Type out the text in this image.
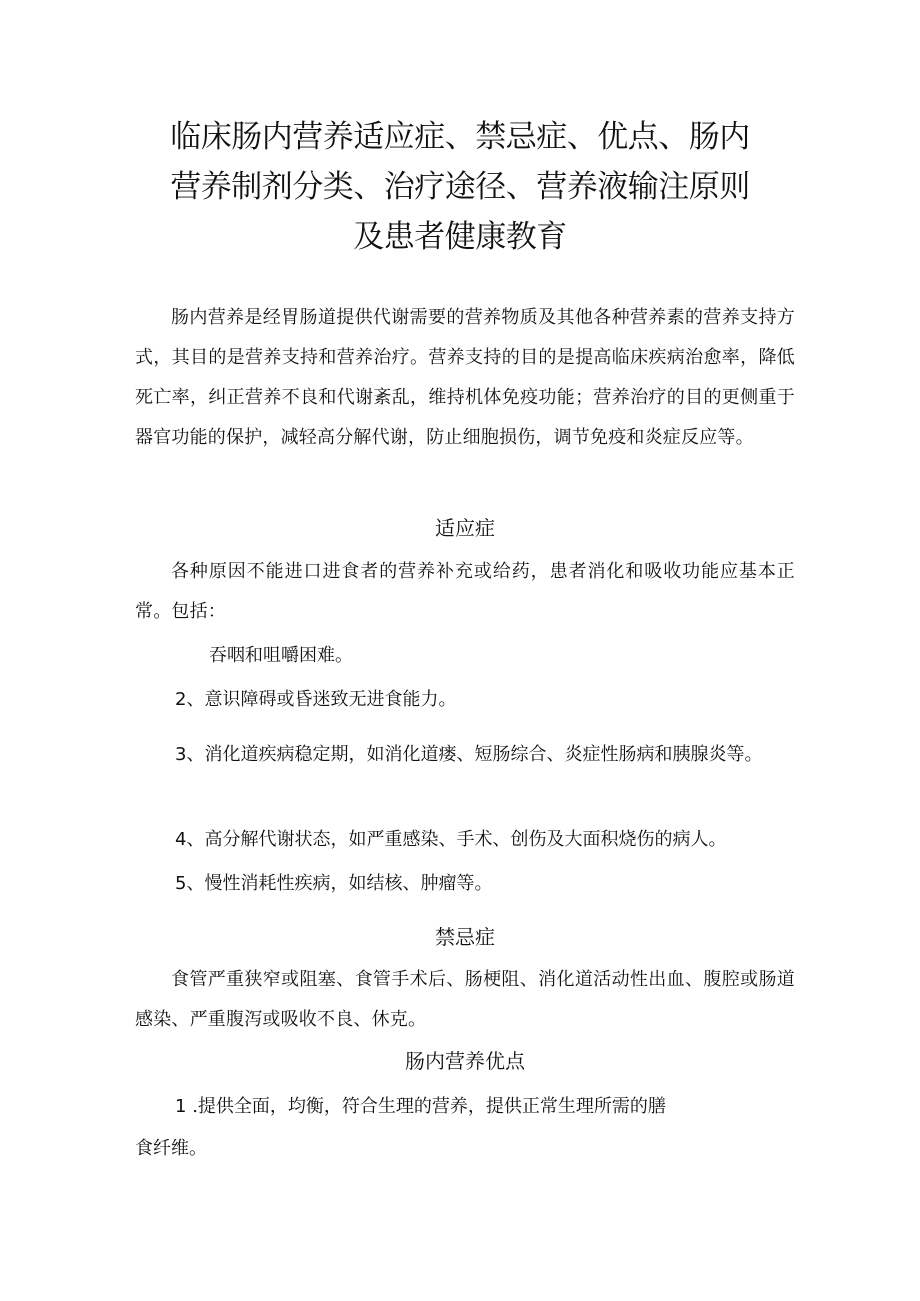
临床肠内营养适应症、禁忌症、优点、肠内
营养制剂分类、治疗途径、营养液输注原则
及患者健康教育

肠内营养是经胃肠道提供代谢需要的营养物质及其他各种营养素的营养支持方式，其目的是营养支持和营养治疗。营养支持的目的是提高临床疾病治愈率，降低死亡率，纠正营养不良和代谢紊乱，维持机体免疫功能；营养治疗的目的更侧重于器官功能的保护，减轻高分解代谢，防止细胞损伤，调节免疫和炎症反应等。

适应症

各种原因不能进口进食者的营养补充或给药，患者消化和吸收功能应基本正常。包括：

吞咽和咀嚼困难。

2、意识障碍或昏迷致无进食能力。

3、消化道疾病稳定期，如消化道瘘、短肠综合、炎症性肠病和胰腺炎等。

4、高分解代谢状态，如严重感染、手术、创伤及大面积烧伤的病人。

5、慢性消耗性疾病，如结核、肿瘤等。

禁忌症

食管严重狭窄或阻塞、食管手术后、肠梗阻、消化道活动性出血、腹腔或肠道感染、严重腹泻或吸收不良、休克。

肠内营养优点

1 .提供全面，均衡，符合生理的营养，提供正常生理所需的膳

食纤维。
